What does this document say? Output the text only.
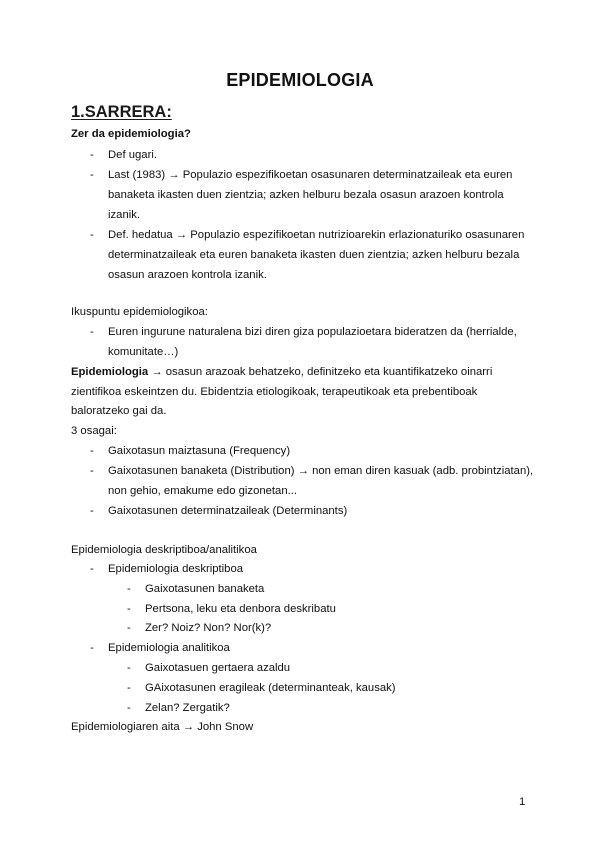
EPIDEMIOLOGIA
1.SARRERA:
Zer da epidemiologia?
- Def ugari.
- Last (1983) → Populazio espezifikoetan osasunaren determinatzaileak eta euren
banaketa ikasten duen zientzia; azken helburu bezala osasun arazoen kontrola
izanik.
- Def. hedatua → Populazio espezifikoetan nutrizioarekin erlazionaturiko osasunaren
determinatzaileak eta euren banaketa ikasten duen zientzia; azken helburu bezala
osasun arazoen kontrola izanik.
Ikuspuntu epidemiologikoa:
- Euren ingurune naturalena bizi diren giza populazioetara bideratzen da (herrialde,
komunitate…)
Epidemiologia → osasun arazoak behatzeko, definitzeko eta kuantifikatzeko oinarri
zientifikoa eskeintzen du. Ebidentzia etiologikoak, terapeutikoak eta prebentiboak
baloratzeko gai da.
3 osagai:
- Gaixotasun maiztasuna (Frequency)
- Gaixotasunen banaketa (Distribution) → non eman diren kasuak (adb. probintziatan),
non gehio, emakume edo gizonetan...
- Gaixotasunen determinatzaileak (Determinants)
Epidemiologia deskriptiboa/analitikoa
- Epidemiologia deskriptiboa
- Gaixotasunen banaketa
- Pertsona, leku eta denbora deskribatu
- Zer? Noiz? Non? Nor(k)?
- Epidemiologia analitikoa
- Gaixotasuen gertaera azaldu
- GAixotasunen eragileak (determinanteak, kausak)
- Zelan? Zergatik?
Epidemiologiaren aita → John Snow
1
